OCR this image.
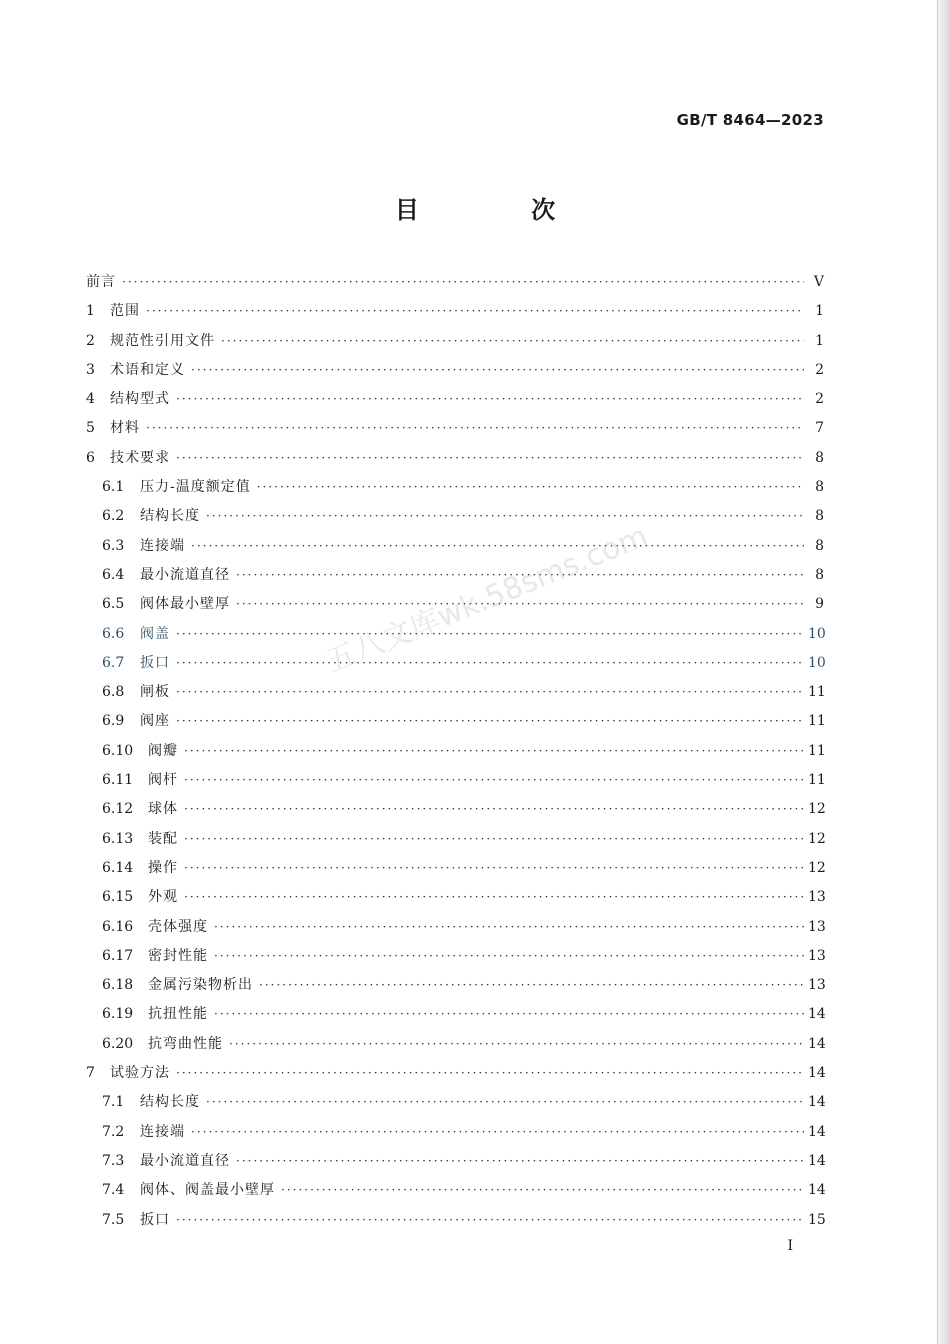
GB/T 8464—2023
目 次
前言 ·····	V
1	范围 ·····	1
2	规范性引用文件 ·····	1
3	术语和定义 ·····	2
4	结构型式 ·····	2
5	材料 ·····	7
6	技术要求 ·····	8
6.1	压力-温度额定值 ·····	8
6.2	结构长度 ·····	8
6.3	连接端 ·····	8
6.4	最小流道直径 ·····	8
6.5	阀体最小壁厚 ·····	9
6.6	阀盖 ·····	10
6.7	扳口 ·····	10
6.8	闸板 ·····	11
6.9	阀座 ·····	11
6.10	阀瓣 ·····	11
6.11	阀杆 ·····	11
6.12	球体 ·····	12
6.13	装配 ·····	12
6.14	操作 ·····	12
6.15	外观 ·····	13
6.16	壳体强度 ·····	13
6.17	密封性能 ·····	13
6.18	金属污染物析出 ·····	13
6.19	抗扭性能 ·····	14
6.20	抗弯曲性能 ·····	14
7	试验方法 ·····	14
7.1	结构长度 ·····	14
7.2	连接端 ·····	14
7.3	最小流道直径 ·····	14
7.4	阀体、阀盖最小壁厚 ·····	14
7.5	扳口 ·····	15
五八文库wk.58sms.com
I
